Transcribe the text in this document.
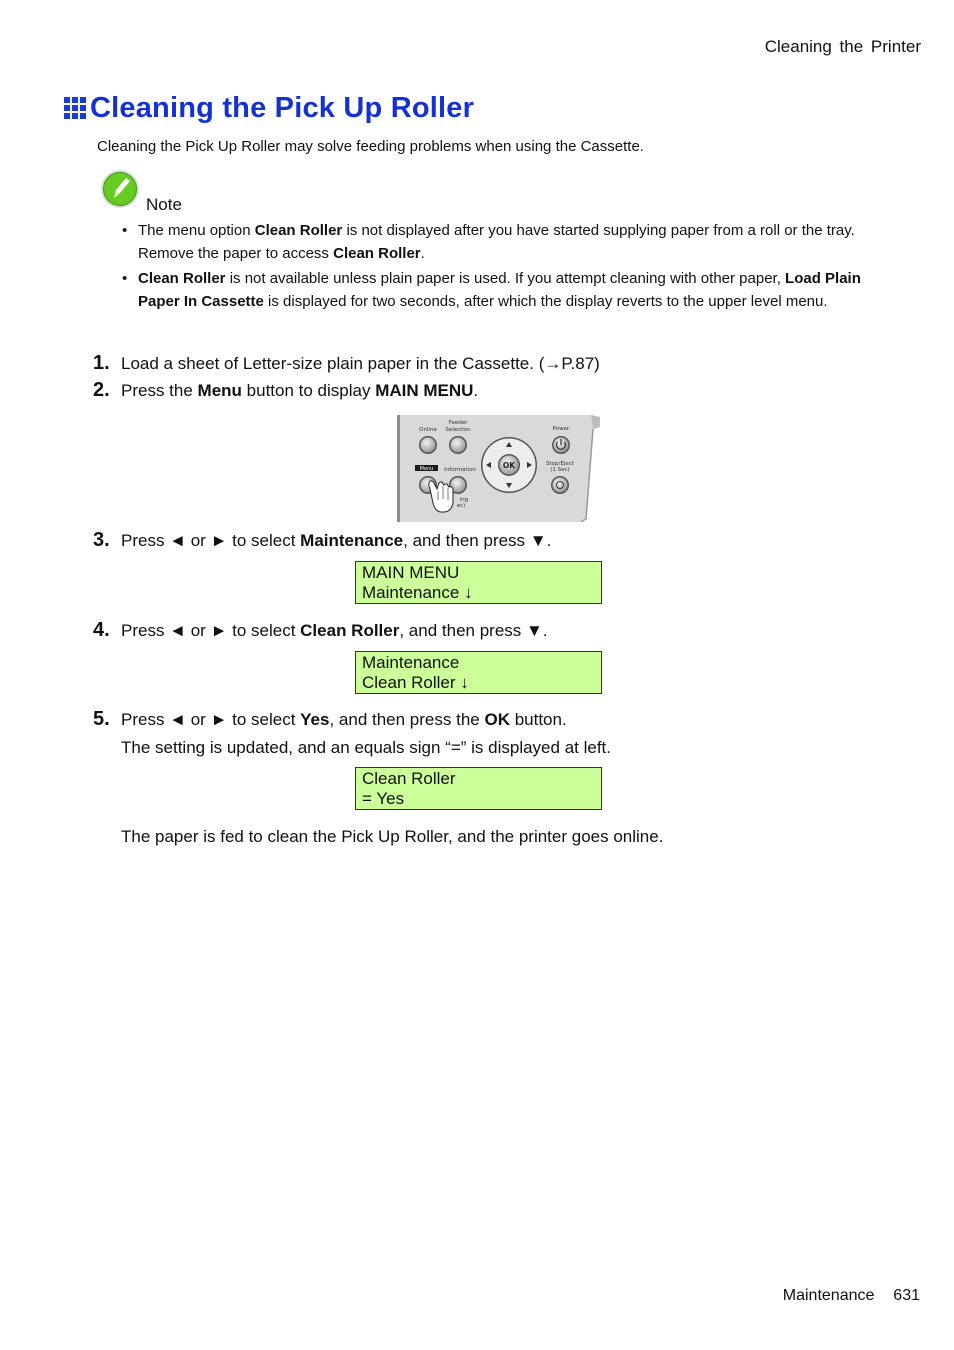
Cleaning the Printer
Cleaning the Pick Up Roller
Cleaning the Pick Up Roller may solve feeding problems when using the Cassette.
Note
• The menu option Clean Roller is not displayed after you have started supplying paper from a roll or the tray. Remove the paper to access Clean Roller.
• Clean Roller is not available unless plain paper is used. If you attempt cleaning with other paper, Load Plain Paper In Cassette is displayed for two seconds, after which the display reverts to the upper level menu.
1. Load a sheet of Letter-size plain paper in the Cassette. (→P.87)
2. Press the Menu button to display MAIN MENU.
Online
Feeder
Selection	Power
Information
Stop/Eject
(1 Sec)
ing
ec)
Menu	OK
3. Press ◄ or ► to select Maintenance, and then press ▼.
MAIN MENU
Maintenance ↓
4. Press ◄ or ► to select Clean Roller, and then press ▼.
Maintenance
Clean Roller ↓
5. Press ◄ or ► to select Yes, and then press the OK button.
The setting is updated, and an equals sign “=” is displayed at left.
Clean Roller
= Yes
The paper is fed to clean the Pick Up Roller, and the printer goes online.
Maintenance 631
